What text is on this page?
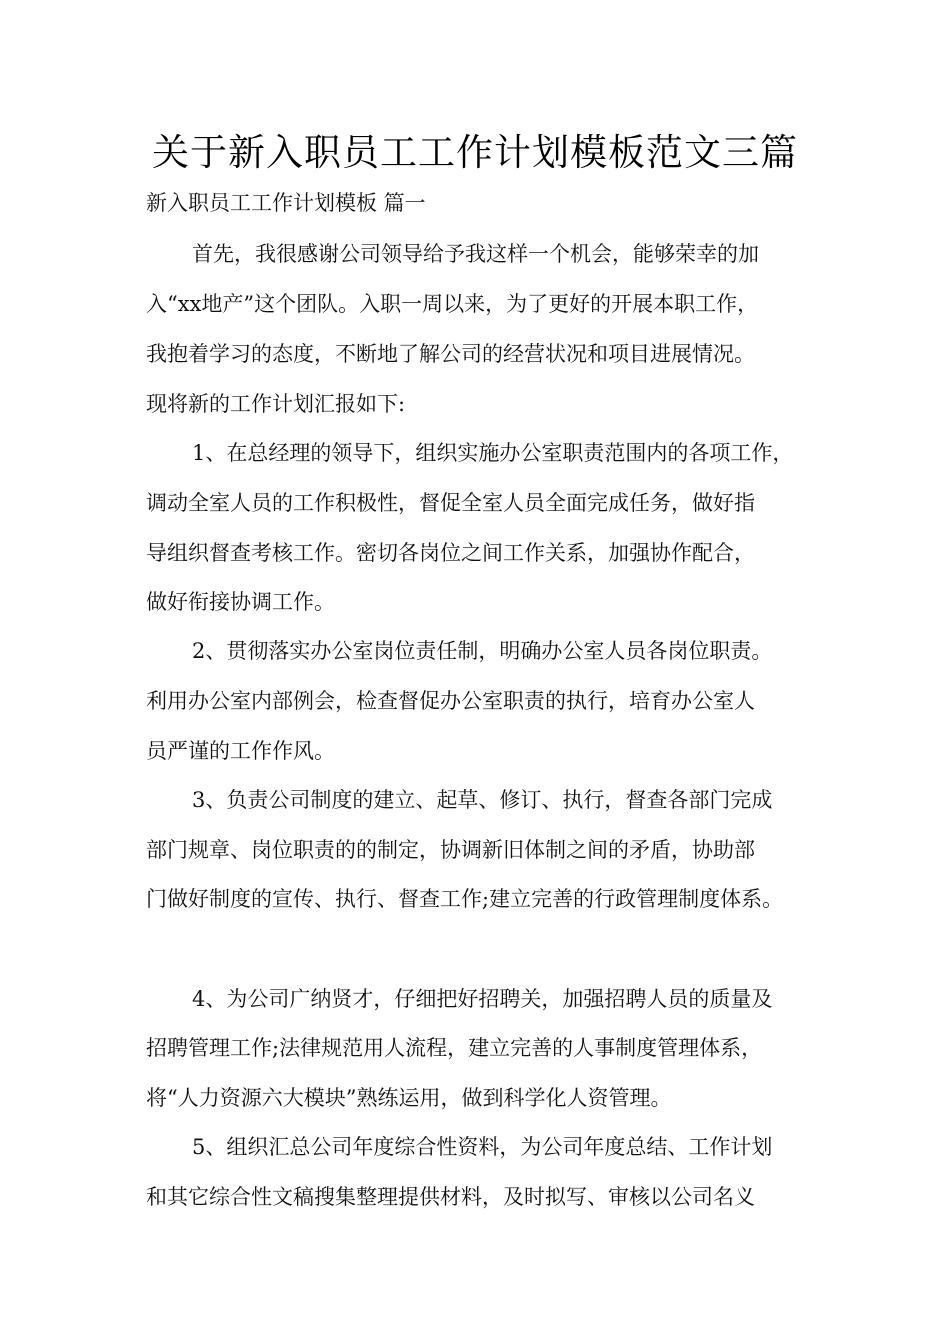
关于新入职员工工作计划模板范文三篇
新入职员工工作计划模板 篇一
首先，我很感谢公司领导给予我这样一个机会，能够荣幸的加
入“xx地产”这个团队。入职一周以来，为了更好的开展本职工作，
我抱着学习的态度，不断地了解公司的经营状况和项目进展情况。
现将新的工作计划汇报如下:
1、在总经理的领导下，组织实施办公室职责范围内的各项工作，
调动全室人员的工作积极性，督促全室人员全面完成任务，做好指
导组织督查考核工作。密切各岗位之间工作关系，加强协作配合，
做好衔接协调工作。
2、贯彻落实办公室岗位责任制，明确办公室人员各岗位职责。
利用办公室内部例会，检查督促办公室职责的执行，培育办公室人
员严谨的工作作风。
3、负责公司制度的建立、起草、修订、执行，督查各部门完成
部门规章、岗位职责的的制定，协调新旧体制之间的矛盾，协助部
门做好制度的宣传、执行、督查工作;建立完善的行政管理制度体系。
4、为公司广纳贤才，仔细把好招聘关，加强招聘人员的质量及
招聘管理工作;法律规范用人流程，建立完善的人事制度管理体系，
将“人力资源六大模块”熟练运用，做到科学化人资管理。
5、组织汇总公司年度综合性资料，为公司年度总结、工作计划
和其它综合性文稿搜集整理提供材料，及时拟写、审核以公司名义
